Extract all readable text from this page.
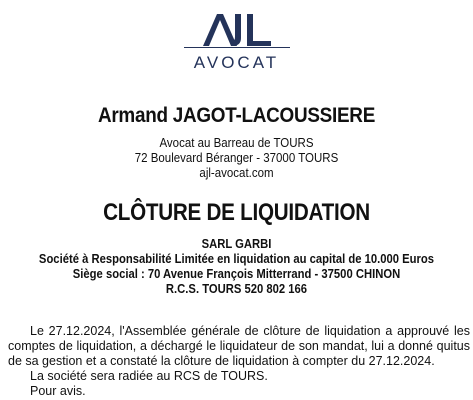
AVOCAT
Armand JAGOT-LACOUSSIERE
Avocat au Barreau de TOURS
72 Boulevard Béranger - 37000 TOURS
ajl-avocat.com
CLÔTURE DE LIQUIDATION
SARL GARBI
Société à Responsabilité Limitée en liquidation au capital de 10.000 Euros
Siège social : 70 Avenue François Mitterrand - 37500 CHINON
R.C.S. TOURS 520 802 166
Le 27.12.2024, l'Assemblée générale de clôture de liquidation a approuvé les comptes de liquidation, a déchargé le liquidateur de son mandat, lui a donné quitus de sa gestion et a constaté la clôture de liquidation à compter du 27.12.2024.
La société sera radiée au RCS de TOURS.
Pour avis.
